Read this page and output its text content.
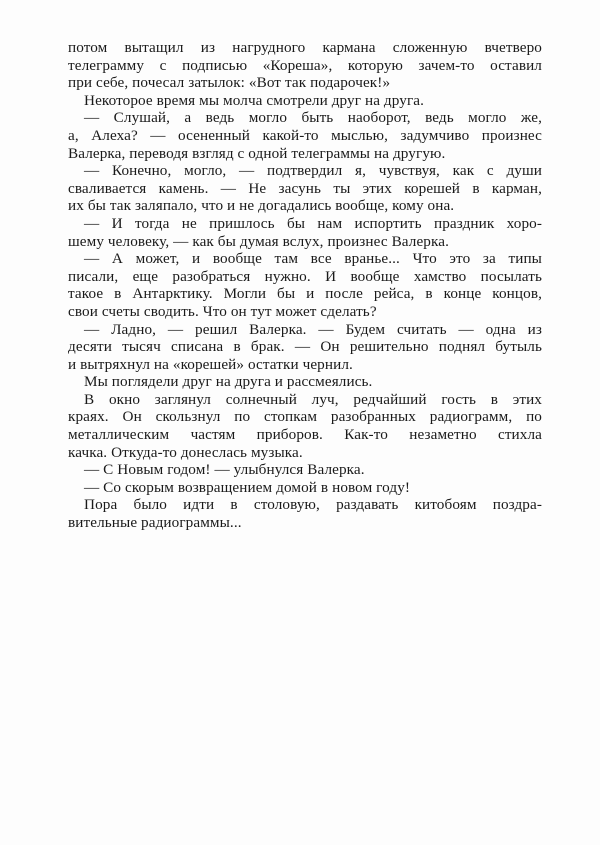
потом вытащил из нагрудного кармана сложенную вчетверо
телеграмму с подписью «Кореша», которую зачем-то оставил
при себе, почесал затылок: «Вот так подарочек!»
Некоторое время мы молча смотрели друг на друга.
— Слушай, а ведь могло быть наоборот, ведь могло же,
а, Алеха? — осененный какой-то мыслью, задумчиво произнес
Валерка, переводя взгляд с одной телеграммы на другую.
— Конечно, могло, — подтвердил я, чувствуя, как с души
сваливается камень. — Не засунь ты этих корешей в карман,
их бы так заляпало, что и не догадались вообще, кому она.
— И тогда не пришлось бы нам испортить праздник хоро-
шему человеку, — как бы думая вслух, произнес Валерка.
— А может, и вообще там все вранье... Что это за типы
писали, еще разобраться нужно. И вообще хамство посылать
такое в Антарктику. Могли бы и после рейса, в конце концов,
свои счеты сводить. Что он тут может сделать?
— Ладно, — решил Валерка. — Будем считать — одна из
десяти тысяч списана в брак. — Он решительно поднял бутыль
и вытряхнул на «корешей» остатки чернил.
Мы поглядели друг на друга и рассмеялись.
В окно заглянул солнечный луч, редчайший гость в этих
краях. Он скользнул по стопкам разобранных радиограмм, по
металлическим частям приборов. Как-то незаметно стихла
качка. Откуда-то донеслась музыка.
— С Новым годом! — улыбнулся Валерка.
— Со скорым возвращением домой в новом году!
Пора было идти в столовую, раздавать китобоям поздра-
вительные радиограммы...
